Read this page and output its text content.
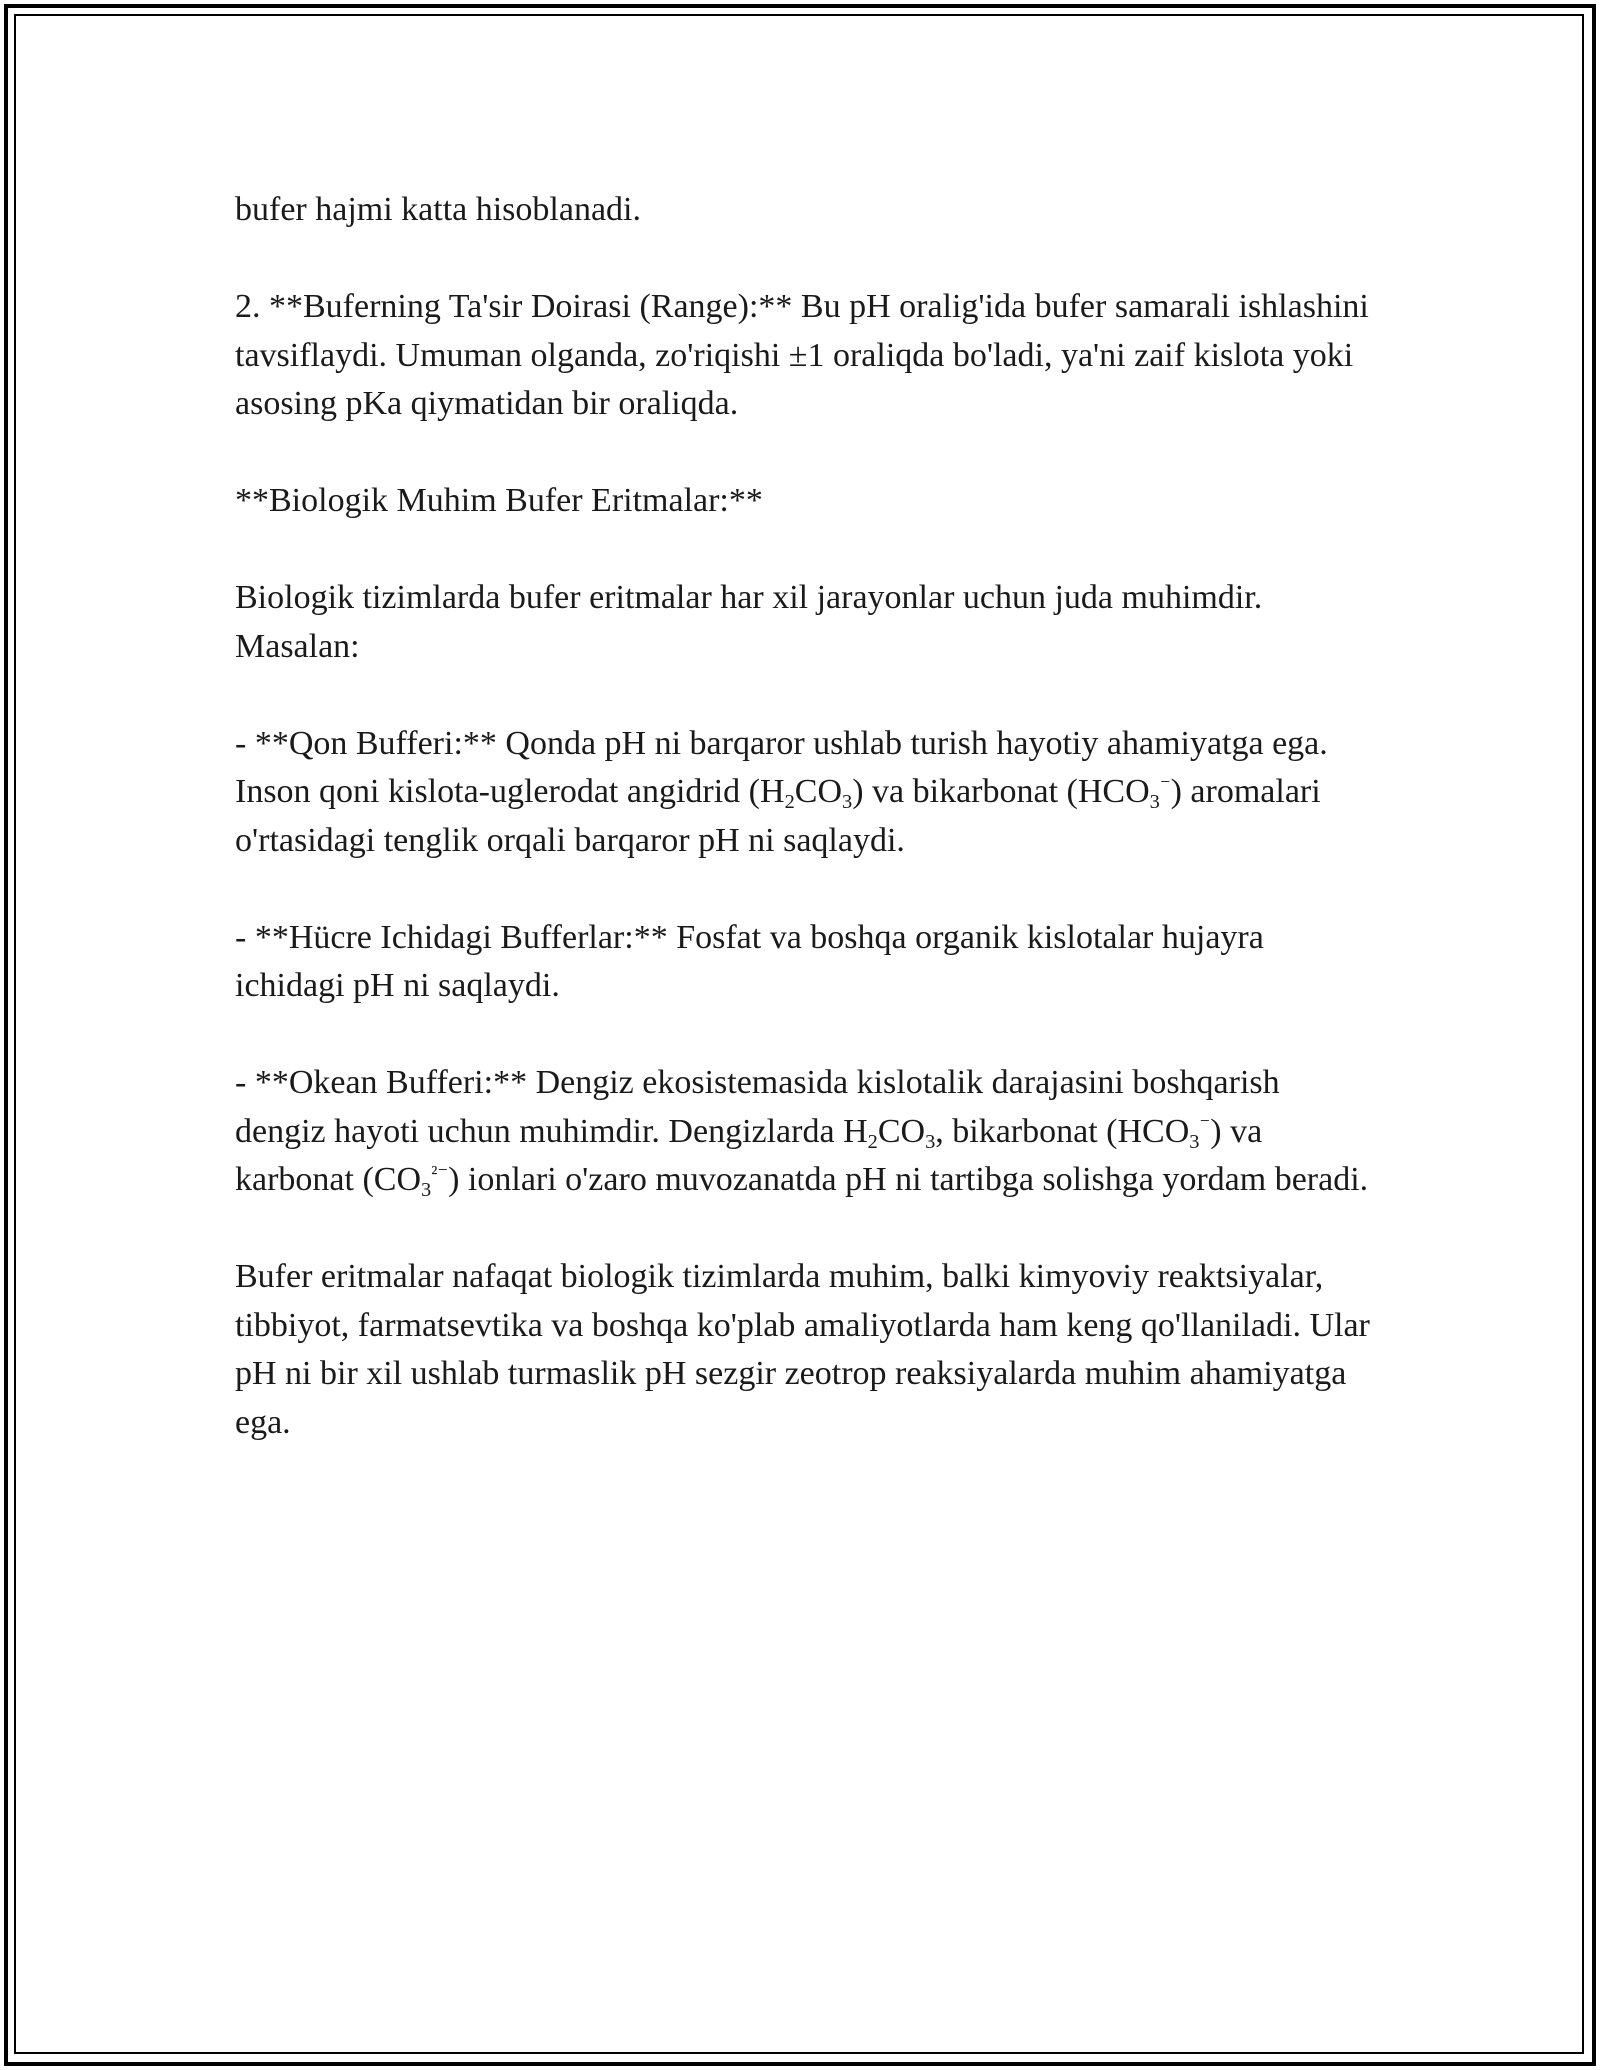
bufer hajmi katta hisoblanadi.

2. **Buferning Ta'sir Doirasi (Range):** Bu pH oralig'ida bufer samarali ishlashini tavsiflaydi. Umuman olganda, zo'riqishi ±1 oraliqda bo'ladi, ya'ni zaif kislota yoki asosing pKa qiymatidan bir oraliqda.

**Biologik Muhim Bufer Eritmalar:**

Biologik tizimlarda bufer eritmalar har xil jarayonlar uchun juda muhimdir. Masalan:

- **Qon Bufferi:** Qonda pH ni barqaror ushlab turish hayotiy ahamiyatga ega. Inson qoni kislota-uglerodat angidrid $(H_2CO_3)$ va bikarbonat $(HCO_3^{^-})$ aromalari o'rtasidagi tenglik orqali barqaror pH ni saqlaydi.

- **Hücre Ichidagi Bufferlar:** Fosfat va boshqa organik kislotalar hujayra ichidagi pH ni saqlaydi.

- **Okean Bufferi:** Dengiz ekosistemasida kislotalik darajasini boshqarish dengiz hayoti uchun muhimdir. Dengizlarda $H_2CO_3$, bikarbonat $(HCO_3^{^-})$ va karbonat $(CO_3^{^{2-}})$ ionlari o'zaro muvozanatda pH ni tartibga solishga yordam beradi.

Bufer eritmalar nafaqat biologik tizimlarda muhim, balki kimyoviy reaktsiyalar, tibbiyot, farmatsevtika va boshqa ko'plab amaliyotlarda ham keng qo'llaniladi. Ular pH ni bir xil ushlab turmaslik pH sezgir zeotrop reaksiyalarda muhim ahamiyatga ega.
